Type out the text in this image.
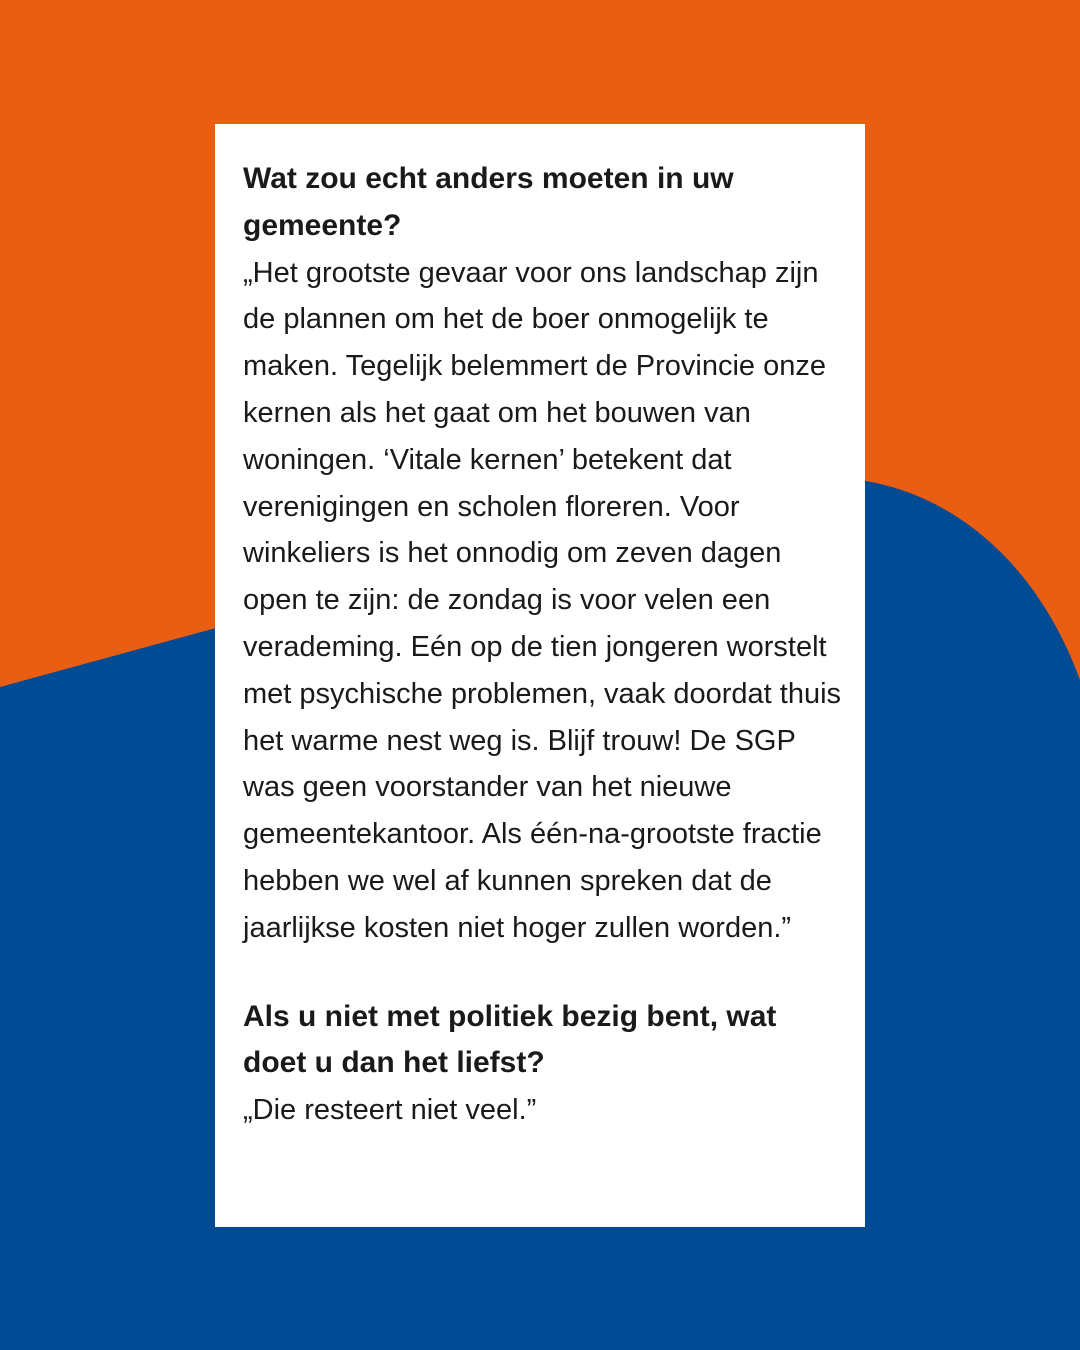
Wat zou echt anders moeten in uw gemeente?

„Het grootste gevaar voor ons landschap zijn de plannen om het de boer onmogelijk te maken. Tegelijk belemmert de Provincie onze kernen als het gaat om het bouwen van woningen. ‘Vitale kernen’ betekent dat verenigingen en scholen floreren. Voor winkeliers is het onnodig om zeven dagen open te zijn: de zondag is voor velen een verademing. Eén op de tien jongeren worstelt met psychische problemen, vaak doordat thuis het warme nest weg is. Blijf trouw! De SGP was geen voorstander van het nieuwe gemeentekantoor. Als één-na-grootste fractie hebben we wel af kunnen spreken dat de jaarlijkse kosten niet hoger zullen worden.”

Als u niet met politiek bezig bent, wat doet u dan het liefst?

„Die resteert niet veel.”
